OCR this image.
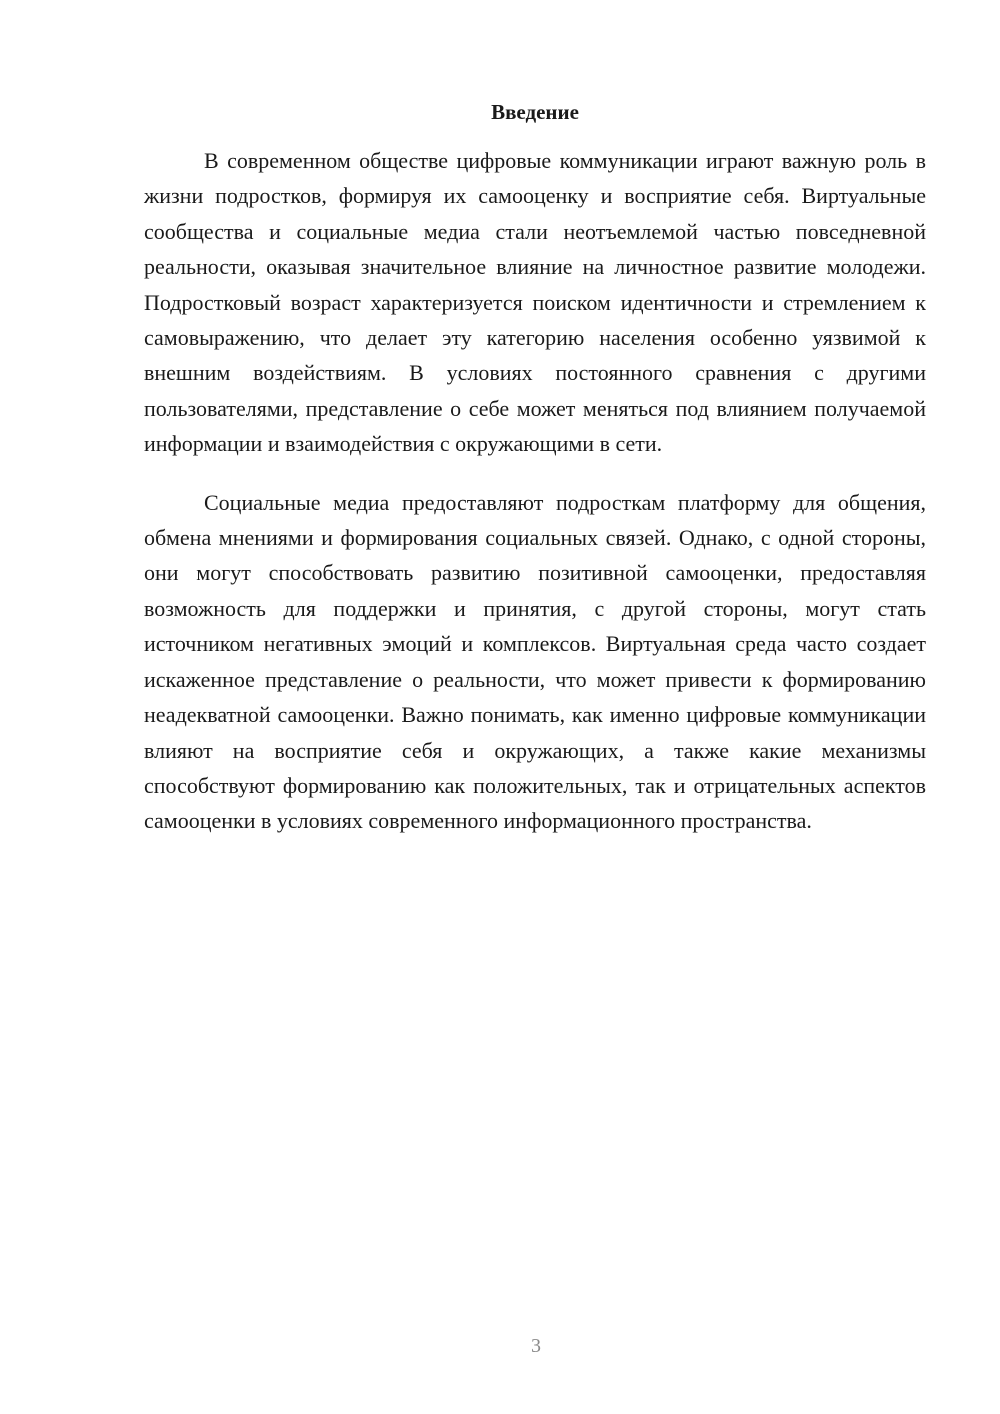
Введение

В современном обществе цифровые коммуникации играют важную роль в жизни подростков, формируя их самооценку и восприятие себя. Виртуальные сообщества и социальные медиа стали неотъемлемой частью повседневной реальности, оказывая значительное влияние на личностное развитие молодежи. Подростковый возраст характеризуется поиском идентичности и стремлением к самовыражению, что делает эту категорию населения особенно уязвимой к внешним воздействиям. В условиях постоянного сравнения с другими пользователями, представление о себе может меняться под влиянием получаемой информации и взаимодействия с окружающими в сети.

Социальные медиа предоставляют подросткам платформу для общения, обмена мнениями и формирования социальных связей. Однако, с одной стороны, они могут способствовать развитию позитивной самооценки, предоставляя возможность для поддержки и принятия, с другой стороны, могут стать источником негативных эмоций и комплексов. Виртуальная среда часто создает искаженное представление о реальности, что может привести к формированию неадекватной самооценки. Важно понимать, как именно цифровые коммуникации влияют на восприятие себя и окружающих, а также какие механизмы способствуют формированию как положительных, так и отрицательных аспектов самооценки в условиях современного информационного пространства.

3
